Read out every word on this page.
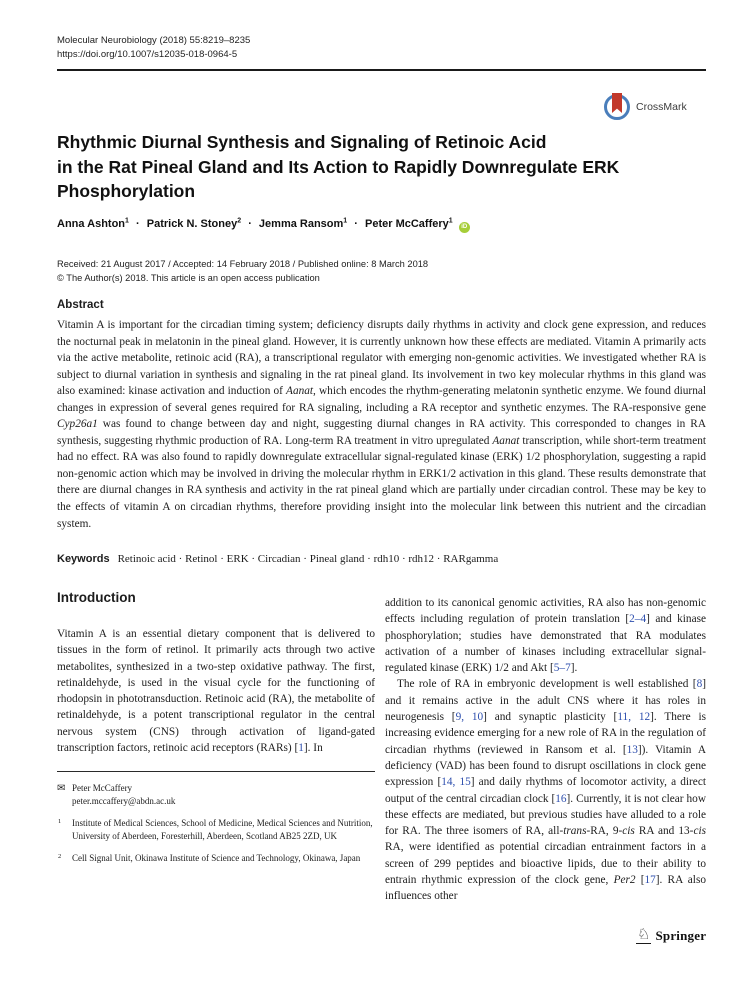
Molecular Neurobiology (2018) 55:8219–8235
https://doi.org/10.1007/s12035-018-0964-5
CrossMark
Rhythmic Diurnal Synthesis and Signaling of Retinoic Acid
in the Rat Pineal Gland and Its Action to Rapidly Downregulate ERK
Phosphorylation
Anna Ashton$^1$ · Patrick N. Stoney$^2$ · Jemma Ransom$^1$ · Peter McCaffery$^1$ iD
Received: 21 August 2017 / Accepted: 14 February 2018 / Published online: 8 March 2018
© The Author(s) 2018. This article is an open access publication
Abstract
Vitamin A is important for the circadian timing system; deficiency disrupts daily rhythms in activity and clock gene expression, and reduces the nocturnal peak in melatonin in the pineal gland. However, it is currently unknown how these effects are mediated. Vitamin A primarily acts via the active metabolite, retinoic acid (RA), a transcriptional regulator with emerging non-genomic activities. We investigated whether RA is subject to diurnal variation in synthesis and signaling in the rat pineal gland. Its involvement in two key molecular rhythms in this gland was also examined: kinase activation and induction of Aanat, which encodes the rhythm-generating melatonin synthetic enzyme. We found diurnal changes in expression of several genes required for RA signaling, including a RA receptor and synthetic enzymes. The RA-responsive gene Cyp26a1 was found to change between day and night, suggesting diurnal changes in RA activity. This corresponded to changes in RA synthesis, suggesting rhythmic production of RA. Long-term RA treatment in vitro upregulated Aanat transcription, while short-term treatment had no effect. RA was also found to rapidly downregulate extracellular signal-regulated kinase (ERK) 1/2 phosphorylation, suggesting a rapid non-genomic action which may be involved in driving the molecular rhythm in ERK1/2 activation in this gland. These results demonstrate that there are diurnal changes in RA synthesis and activity in the rat pineal gland which are partially under circadian control. These may be key to the effects of vitamin A on circadian rhythms, therefore providing insight into the molecular link between this nutrient and the circadian system.
Keywords Retinoic acid · Retinol · ERK · Circadian · Pineal gland · rdh10 · rdh12 · RARgamma
Introduction
Vitamin A is an essential dietary component that is delivered to tissues in the form of retinol. It primarily acts through two active metabolites, synthesized in a two-step oxidative pathway. The first, retinaldehyde, is used in the visual cycle for the functioning of rhodopsin in phototransduction. Retinoic acid (RA), the metabolite of retinaldehyde, is a potent transcriptional regulator in the central nervous system (CNS) through activation of ligand-gated transcription factors, retinoic acid receptors (RARs) [1]. In
addition to its canonical genomic activities, RA also has non-genomic effects including regulation of protein translation [2–4] and kinase phosphorylation; studies have demonstrated that RA modulates activation of a number of kinases including extracellular signal-regulated kinase (ERK) 1/2 and Akt [5–7].
The role of RA in embryonic development is well established [8] and it remains active in the adult CNS where it has roles in neurogenesis [9, 10] and synaptic plasticity [11, 12]. There is increasing evidence emerging for a new role of RA in the regulation of circadian rhythms (reviewed in Ransom et al. [13]). Vitamin A deficiency (VAD) has been found to disrupt oscillations in clock gene expression [14, 15] and daily rhythms of locomotor activity, a direct output of the central circadian clock [16]. Currently, it is not clear how these effects are mediated, but previous studies have alluded to a role for RA. The three isomers of RA, all-trans-RA, 9-cis RA and 13-cis RA, were identified as potential circadian entrainment factors in a screen of 299 peptides and bioactive lipids, due to their ability to entrain rhythmic expression of the clock gene, Per2 [17]. RA also influences other
✉ Peter McCaffery
peter.mccaffery@abdn.ac.uk
1 Institute of Medical Sciences, School of Medicine, Medical Sciences and Nutrition, University of Aberdeen, Foresterhill, Aberdeen, Scotland AB25 2ZD, UK
2 Cell Signal Unit, Okinawa Institute of Science and Technology, Okinawa, Japan
♘ Springer
